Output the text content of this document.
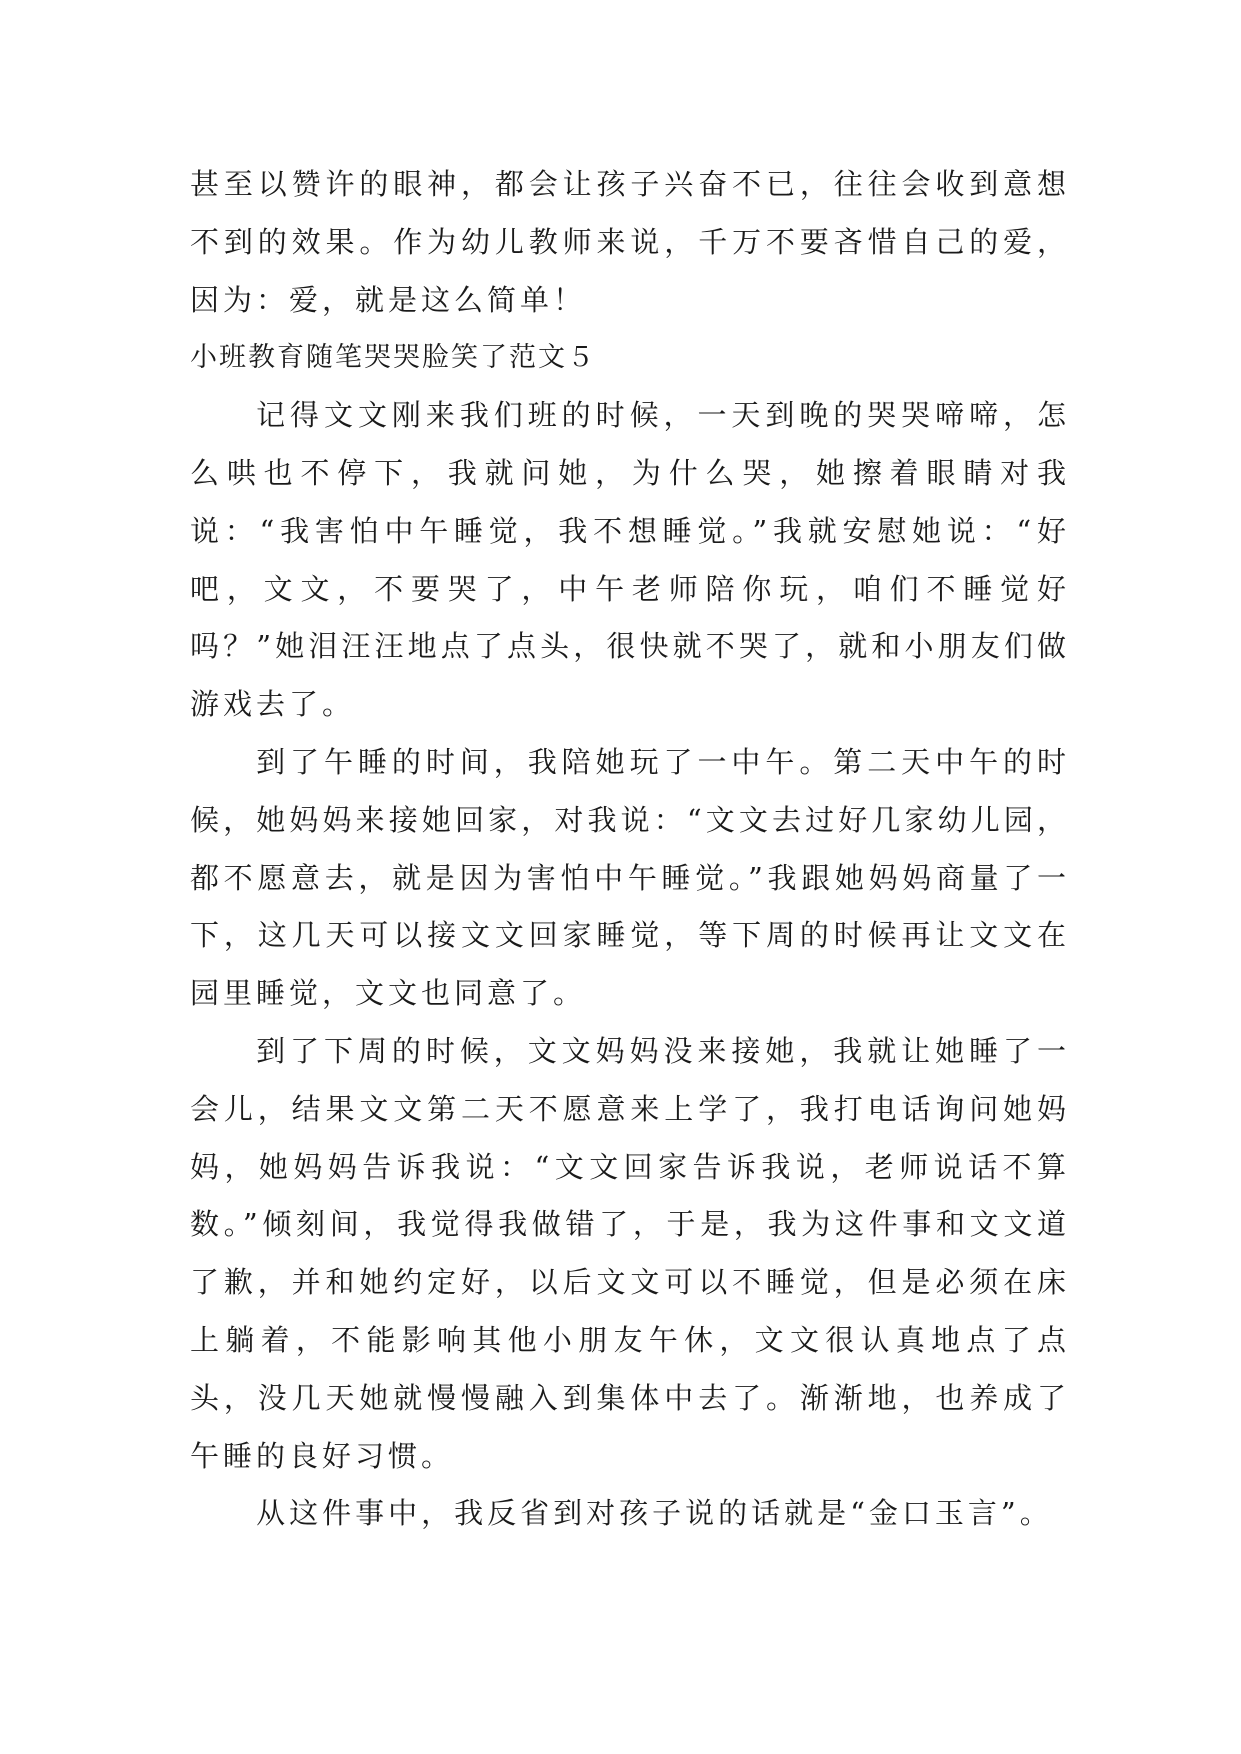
甚至以赞许的眼神，都会让孩子兴奋不已，往往会收到意想不到的效果。作为幼儿教师来说，千万不要吝惜自己的爱，因为：爱，就是这么简单！

小班教育随笔哭哭脸笑了范文５

记得文文刚来我们班的时候，一天到晚的哭哭啼啼，怎么哄也不停下，我就问她，为什么哭，她擦着眼睛对我说：“我害怕中午睡觉，我不想睡觉。”我就安慰她说：“好吧，文文，不要哭了，中午老师陪你玩，咱们不睡觉好吗？”她泪汪汪地点了点头，很快就不哭了，就和小朋友们做游戏去了。

到了午睡的时间，我陪她玩了一中午。第二天中午的时候，她妈妈来接她回家，对我说：“文文去过好几家幼儿园，都不愿意去，就是因为害怕中午睡觉。”我跟她妈妈商量了一下，这几天可以接文文回家睡觉，等下周的时候再让文文在园里睡觉，文文也同意了。

到了下周的时候，文文妈妈没来接她，我就让她睡了一会儿，结果文文第二天不愿意来上学了，我打电话询问她妈妈，她妈妈告诉我说：“文文回家告诉我说，老师说话不算数。”倾刻间，我觉得我做错了，于是，我为这件事和文文道了歉，并和她约定好，以后文文可以不睡觉，但是必须在床上躺着，不能影响其他小朋友午休，文文很认真地点了点头，没几天她就慢慢融入到集体中去了。渐渐地，也养成了午睡的良好习惯。

从这件事中，我反省到对孩子说的话就是“金口玉言”。
